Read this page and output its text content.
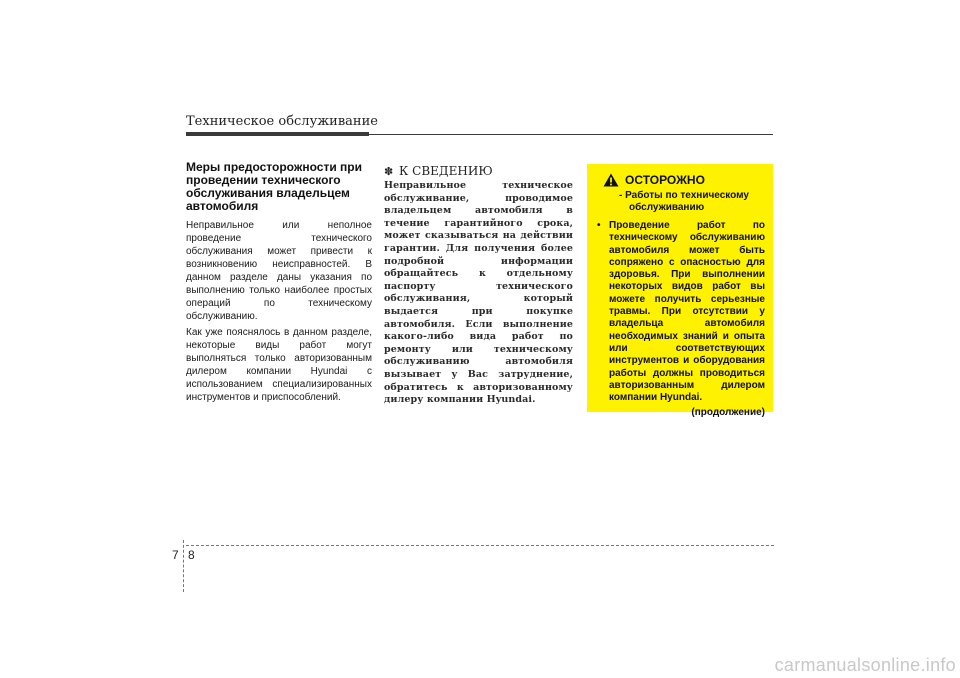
Техническое обслуживание

Меры предосторожности при проведении технического обслуживания владельцем автомобиля

Неправильное или неполное проведение технического обслуживания может привести к возникновению неисправностей. В данном разделе даны указания по выполнению только наиболее простых операций по техническому обслуживанию.

Как уже пояснялось в данном разделе, некоторые виды работ могут выполняться только авторизованным дилером компании Hyundai с использованием специализированных инструментов и приспособлений.

✽ К СВЕДЕНИЮ

Неправильное техническое обслуживание, проводимое владельцем автомобиля в течение гарантийного срока, может сказываться на действии гарантии. Для получения более подробной информации обращайтесь к отдельному паспорту технического обслуживания, который выдается при покупке автомобиля. Если выполнение какого-либо вида работ по ремонту или техническому обслуживанию автомобиля вызывает у Вас затруднение, обратитесь к авторизованному дилеру компании Hyundai.

ОСТОРОЖНО
- Работы по техническому
обслуживанию
• Проведение работ по техническому обслуживанию автомобиля может быть сопряжено с опасностью для здоровья. При выполнении некоторых видов работ вы можете получить серьезные травмы. При отсутствии у владельца автомобиля необходимых знаний и опыта или соответствующих инструментов и оборудования работы должны проводиться авторизованным дилером компании Hyundai.
(продолжение)
7 8
carmanualsonline.info
